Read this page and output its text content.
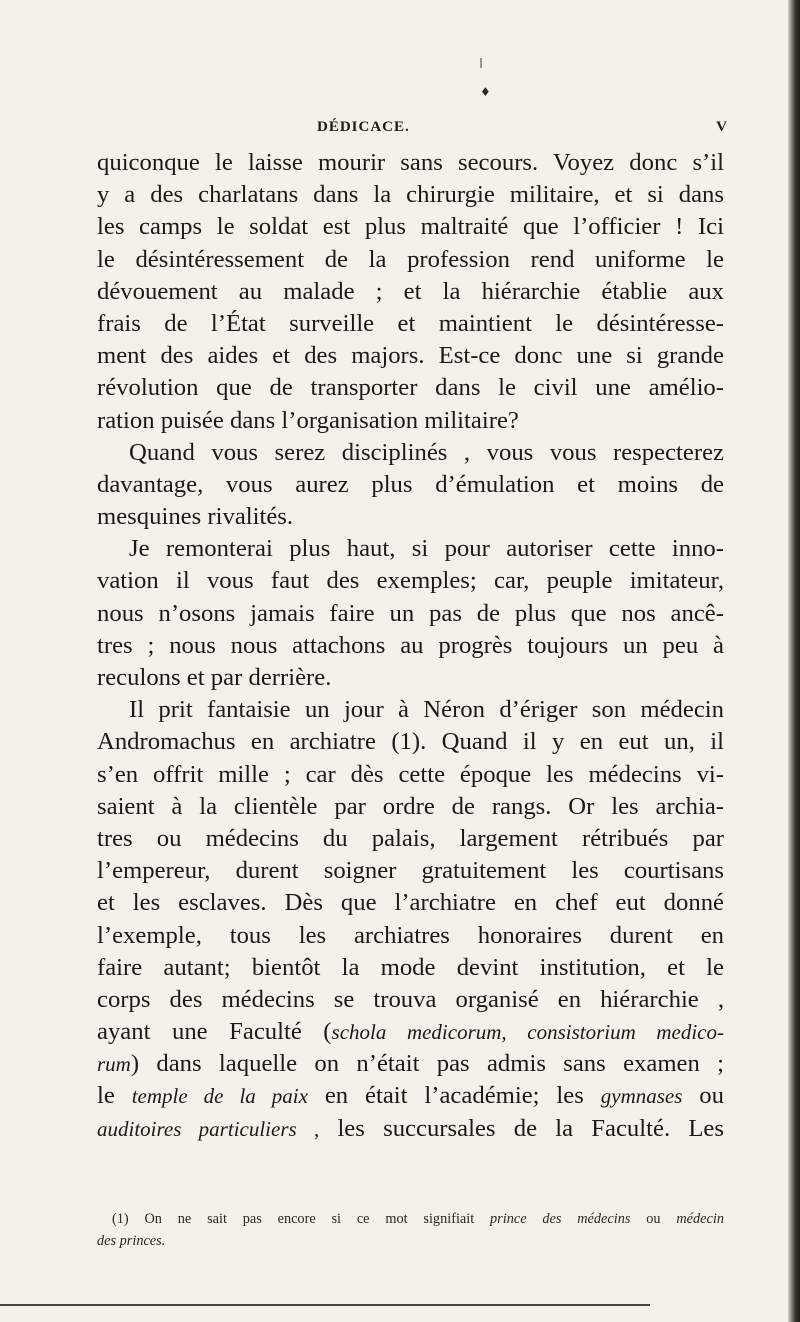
♦
DÉDICACE.	V
quiconque le laisse mourir sans secours. Voyez donc s’il
y a des charlatans dans la chirurgie militaire, et si dans
les camps le soldat est plus maltraité que l’officier ! Ici
le désintéressement de la profession rend uniforme le
dévouement au malade ; et la hiérarchie établie aux
frais de l’État surveille et maintient le désintéresse-
ment des aides et des majors. Est-ce donc une si grande
révolution que de transporter dans le civil une amélio-
ration puisée dans l’organisation militaire?
Quand vous serez disciplinés , vous vous respecterez
davantage, vous aurez plus d’émulation et moins de
mesquines rivalités.
Je remonterai plus haut, si pour autoriser cette inno-
vation il vous faut des exemples; car, peuple imitateur,
nous n’osons jamais faire un pas de plus que nos ancê-
tres ; nous nous attachons au progrès toujours un peu à
reculons et par derrière.
Il prit fantaisie un jour à Néron d’ériger son médecin
Andromachus en archiatre (1). Quand il y en eut un, il
s’en offrit mille ; car dès cette époque les médecins vi-
saient à la clientèle par ordre de rangs. Or les archia-
tres ou médecins du palais, largement rétribués par
l’empereur, durent soigner gratuitement les courtisans
et les esclaves. Dès que l’archiatre en chef eut donné
l’exemple, tous les archiatres honoraires durent en
faire autant; bientôt la mode devint institution, et le
corps des médecins se trouva organisé en hiérarchie ,
ayant une Faculté (schola medicorum, consistorium medico-
rum) dans laquelle on n’était pas admis sans examen ;
le temple de la paix en était l’académie; les gymnases ou
auditoires particuliers , les succursales de la Faculté. Les
(1) On ne sait pas encore si ce mot signifiait prince des médecins ou médecin
des princes.
